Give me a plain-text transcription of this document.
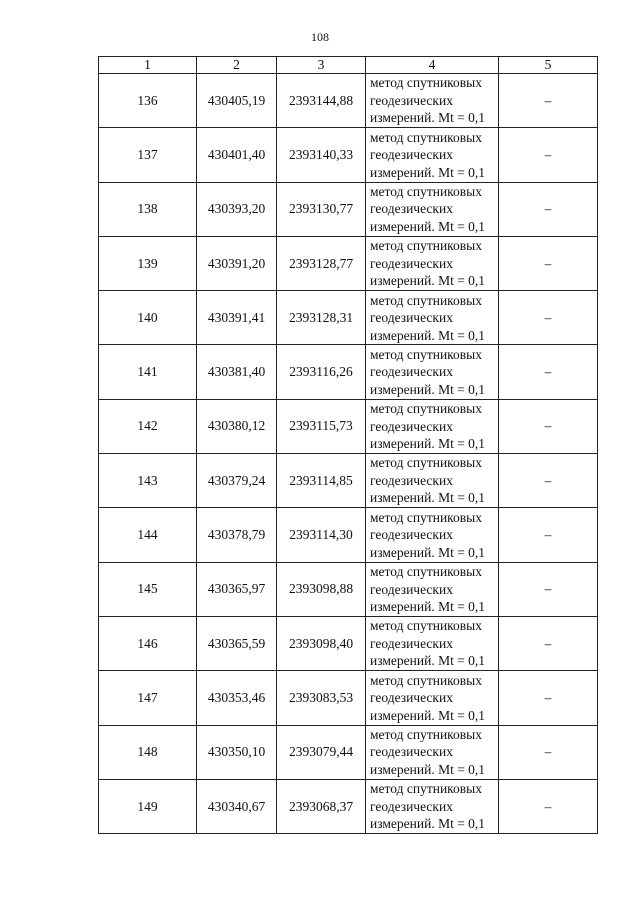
108
1	2	3	4	5
136	430405,19	2393144,88	метод спутниковых
геодезических
измерений. Mt = 0,1	–
137	430401,40	2393140,33	метод спутниковых
геодезических
измерений. Mt = 0,1	–
138	430393,20	2393130,77	метод спутниковых
геодезических
измерений. Mt = 0,1	–
139	430391,20	2393128,77	метод спутниковых
геодезических
измерений. Mt = 0,1	–
140	430391,41	2393128,31	метод спутниковых
геодезических
измерений. Mt = 0,1	–
141	430381,40	2393116,26	метод спутниковых
геодезических
измерений. Mt = 0,1	–
142	430380,12	2393115,73	метод спутниковых
геодезических
измерений. Mt = 0,1	–
143	430379,24	2393114,85	метод спутниковых
геодезических
измерений. Mt = 0,1	–
144	430378,79	2393114,30	метод спутниковых
геодезических
измерений. Mt = 0,1	–
145	430365,97	2393098,88	метод спутниковых
геодезических
измерений. Mt = 0,1	–
146	430365,59	2393098,40	метод спутниковых
геодезических
измерений. Mt = 0,1	–
147	430353,46	2393083,53	метод спутниковых
геодезических
измерений. Mt = 0,1	–
148	430350,10	2393079,44	метод спутниковых
геодезических
измерений. Mt = 0,1	–
149	430340,67	2393068,37	метод спутниковых
геодезических
измерений. Mt = 0,1	–
